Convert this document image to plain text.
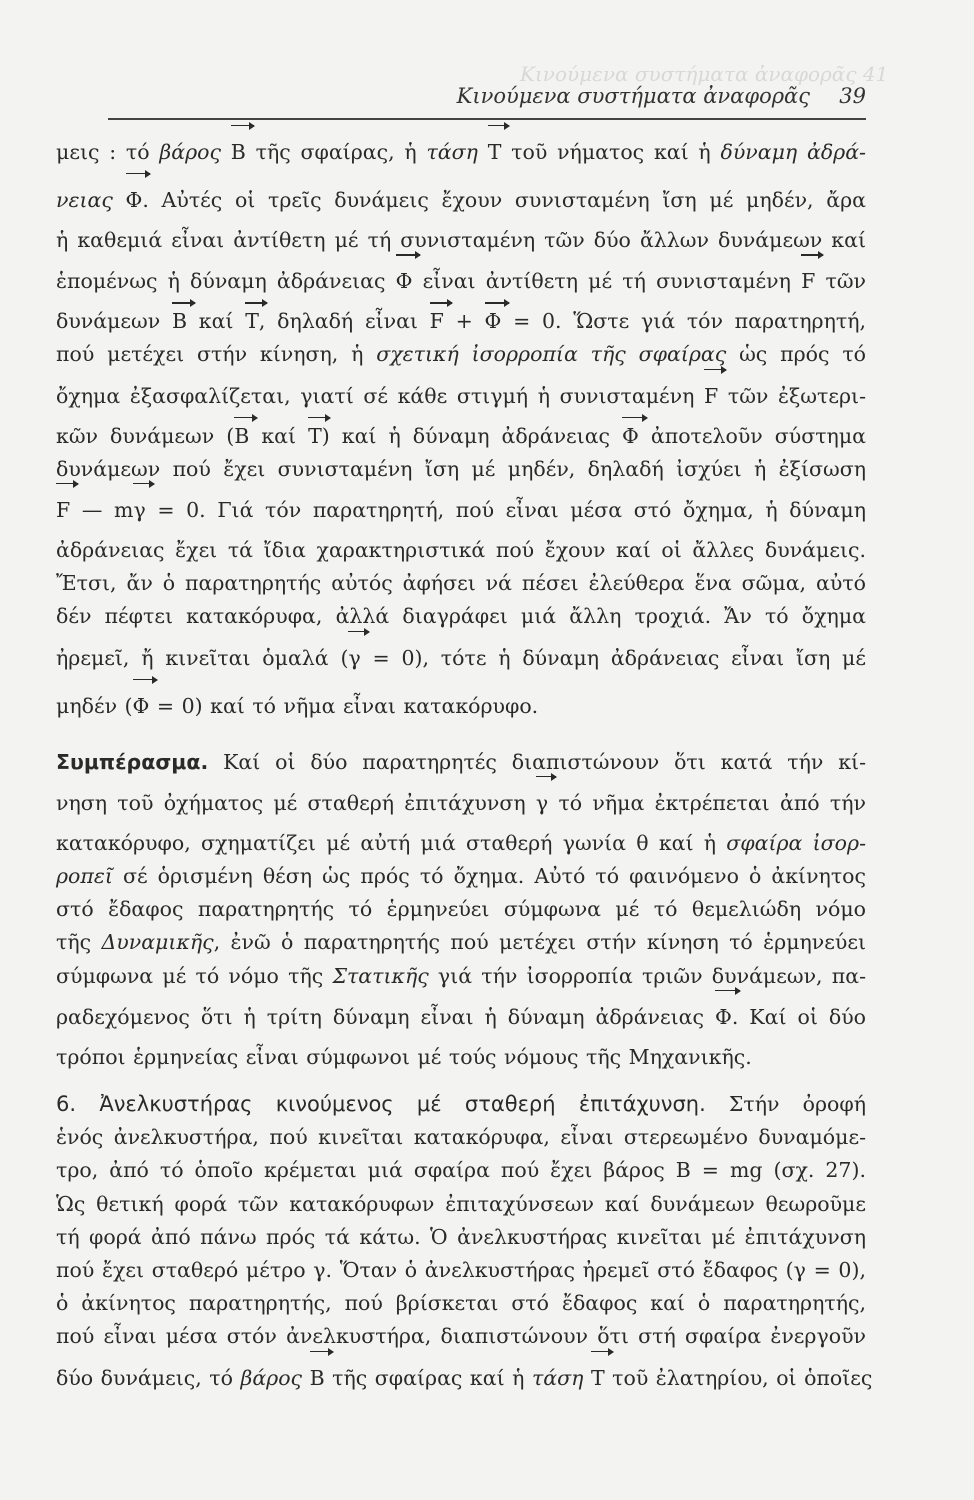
Κινούμενα συστήματα ἀναφορᾶς 41
Κινούμενα συστήματα ἀναφορᾶς 39

μεις : τό βάρος Β τῆς σφαίρας, ἡ τάση Τ τοῦ νήματος καί ἡ δύναμη ἀδρά-
νειας Φ. Αὐτές οἱ τρεῖς δυνάμεις ἔχουν συνισταμένη ἴση μέ μηδέν, ἄρα
ἡ καθεμιά εἶναι ἀντίθετη μέ τή συνισταμένη τῶν δύο ἄλλων δυνάμεων καί
ἑπομένως ἡ δύναμη ἀδράνειας Φ εἶναι ἀντίθετη μέ τή συνισταμένη F τῶν
δυνάμεων Β καί Τ, δηλαδή εἶναι F + Φ = 0. Ὥστε γιά τόν παρατηρητή,
πού μετέχει στήν κίνηση, ἡ σχετική ἰσορροπία τῆς σφαίρας ὡς πρός τό
ὄχημα ἐξασφαλίζεται, γιατί σέ κάθε στιγμή ἡ συνισταμένη F τῶν ἐξωτερι-
κῶν δυνάμεων (Β καί Τ) καί ἡ δύναμη ἀδράνειας Φ ἀποτελοῦν σύστημα
δυνάμεων πού ἔχει συνισταμένη ἴση μέ μηδέν, δηλαδή ἰσχύει ἡ ἐξίσωση
F — mγ = 0. Γιά τόν παρατηρητή, πού εἶναι μέσα στό ὄχημα, ἡ δύναμη
ἀδράνειας ἔχει τά ἴδια χαρακτηριστικά πού ἔχουν καί οἱ ἄλλες δυνάμεις.
Ἔτσι, ἄν ὁ παρατηρητής αὐτός ἀφήσει νά πέσει ἐλεύθερα ἕνα σῶμα, αὐτό
δέν πέφτει κατακόρυφα, ἀλλά διαγράφει μιά ἄλλη τροχιά. Ἄν τό ὄχημα
ἠρεμεῖ, ἤ κινεῖται ὁμαλά (γ = 0), τότε ἡ δύναμη ἀδράνειας εἶναι ἴση μέ
μηδέν (Φ = 0) καί τό νῆμα εἶναι κατακόρυφο.

Συμπέρασμα. Καί οἱ δύο παρατηρητές διαπιστώνουν ὅτι κατά τήν κί-
νηση τοῦ ὀχήματος μέ σταθερή ἐπιτάχυνση γ τό νῆμα ἐκτρέπεται ἀπό τήν
κατακόρυφο, σχηματίζει μέ αὐτή μιά σταθερή γωνία θ καί ἡ σφαίρα ἰσορ-
ροπεῖ σέ ὁρισμένη θέση ὡς πρός τό ὄχημα. Αὐτό τό φαινόμενο ὁ ἀκίνητος
στό ἔδαφος παρατηρητής τό ἑρμηνεύει σύμφωνα μέ τό θεμελιώδη νόμο
τῆς Δυναμικῆς, ἐνῶ ὁ παρατηρητής πού μετέχει στήν κίνηση τό ἑρμηνεύει
σύμφωνα μέ τό νόμο τῆς Στατικῆς γιά τήν ἰσορροπία τριῶν δυνάμεων, πα-
ραδεχόμενος ὅτι ἡ τρίτη δύναμη εἶναι ἡ δύναμη ἀδράνειας Φ. Καί οἱ δύο
τρόποι ἑρμηνείας εἶναι σύμφωνοι μέ τούς νόμους τῆς Μηχανικῆς.

6. Ἀνελκυστήρας κινούμενος μέ σταθερή ἐπιτάχυνση. Στήν ὀροφή
ἑνός ἀνελκυστήρα, πού κινεῖται κατακόρυφα, εἶναι στερεωμένο δυναμόμε-
τρο, ἀπό τό ὁποῖο κρέμεται μιά σφαίρα πού ἔχει βάρος Β = mg (σχ. 27).
Ὡς θετική φορά τῶν κατακόρυφων ἐπιταχύνσεων καί δυνάμεων θεωροῦμε
τή φορά ἀπό πάνω πρός τά κάτω. Ὁ ἀνελκυστήρας κινεῖται μέ ἐπιτάχυνση
πού ἔχει σταθερό μέτρο γ. Ὅταν ὁ ἀνελκυστήρας ἠρεμεῖ στό ἔδαφος (γ = 0),
ὁ ἀκίνητος παρατηρητής, πού βρίσκεται στό ἔδαφος καί ὁ παρατηρητής,
πού εἶναι μέσα στόν ἀνελκυστήρα, διαπιστώνουν ὅτι στή σφαίρα ἐνεργοῦν
δύο δυνάμεις, τό βάρος Β τῆς σφαίρας καί ἡ τάση Τ τοῦ ἐλατηρίου, οἱ ὁποῖες
